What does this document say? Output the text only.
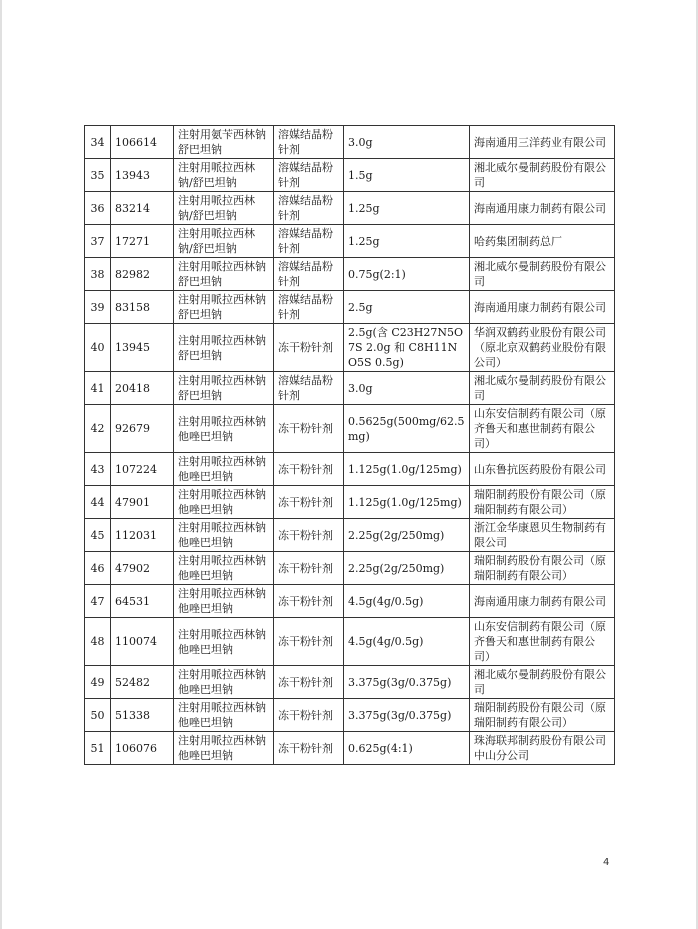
34	106614	注射用氨苄西林钠舒巴坦钠	溶媒结晶粉针剂	3.0g	海南通用三洋药业有限公司
35	13943	注射用哌拉西林钠/舒巴坦钠	溶媒结晶粉针剂	1.5g	湘北威尔曼制药股份有限公司
36	83214	注射用哌拉西林钠/舒巴坦钠	溶媒结晶粉针剂	1.25g	海南通用康力制药有限公司
37	17271	注射用哌拉西林钠/舒巴坦钠	溶媒结晶粉针剂	1.25g	哈药集团制药总厂
38	82982	注射用哌拉西林钠舒巴坦钠	溶媒结晶粉针剂	0.75g(2:1)	湘北威尔曼制药股份有限公司
39	83158	注射用哌拉西林钠舒巴坦钠	溶媒结晶粉针剂	2.5g	海南通用康力制药有限公司
40	13945	注射用哌拉西林钠舒巴坦钠	冻干粉针剂	2.5g(含 C23H27N5O7S 2.0g 和 C8H11NO5S 0.5g)	华润双鹤药业股份有限公司（原北京双鹤药业股份有限公司）
41	20418	注射用哌拉西林钠舒巴坦钠	溶媒结晶粉针剂	3.0g	湘北威尔曼制药股份有限公司
42	92679	注射用哌拉西林钠他唑巴坦钠	冻干粉针剂	0.5625g(500mg/62.5mg)	山东安信制药有限公司（原齐鲁天和惠世制药有限公司）
43	107224	注射用哌拉西林钠他唑巴坦钠	冻干粉针剂	1.125g(1.0g/125mg)	山东鲁抗医药股份有限公司
44	47901	注射用哌拉西林钠他唑巴坦钠	冻干粉针剂	1.125g(1.0g/125mg)	瑞阳制药股份有限公司（原瑞阳制药有限公司）
45	112031	注射用哌拉西林钠他唑巴坦钠	冻干粉针剂	2.25g(2g/250mg)	浙江金华康恩贝生物制药有限公司
46	47902	注射用哌拉西林钠他唑巴坦钠	冻干粉针剂	2.25g(2g/250mg)	瑞阳制药股份有限公司（原瑞阳制药有限公司）
47	64531	注射用哌拉西林钠他唑巴坦钠	冻干粉针剂	4.5g(4g/0.5g)	海南通用康力制药有限公司
48	110074	注射用哌拉西林钠他唑巴坦钠	冻干粉针剂	4.5g(4g/0.5g)	山东安信制药有限公司（原齐鲁天和惠世制药有限公司）
49	52482	注射用哌拉西林钠他唑巴坦钠	冻干粉针剂	3.375g(3g/0.375g)	湘北威尔曼制药股份有限公司
50	51338	注射用哌拉西林钠他唑巴坦钠	冻干粉针剂	3.375g(3g/0.375g)	瑞阳制药股份有限公司（原瑞阳制药有限公司）
51	106076	注射用哌拉西林钠他唑巴坦钠	冻干粉针剂	0.625g(4:1)	珠海联邦制药股份有限公司中山分公司
4
